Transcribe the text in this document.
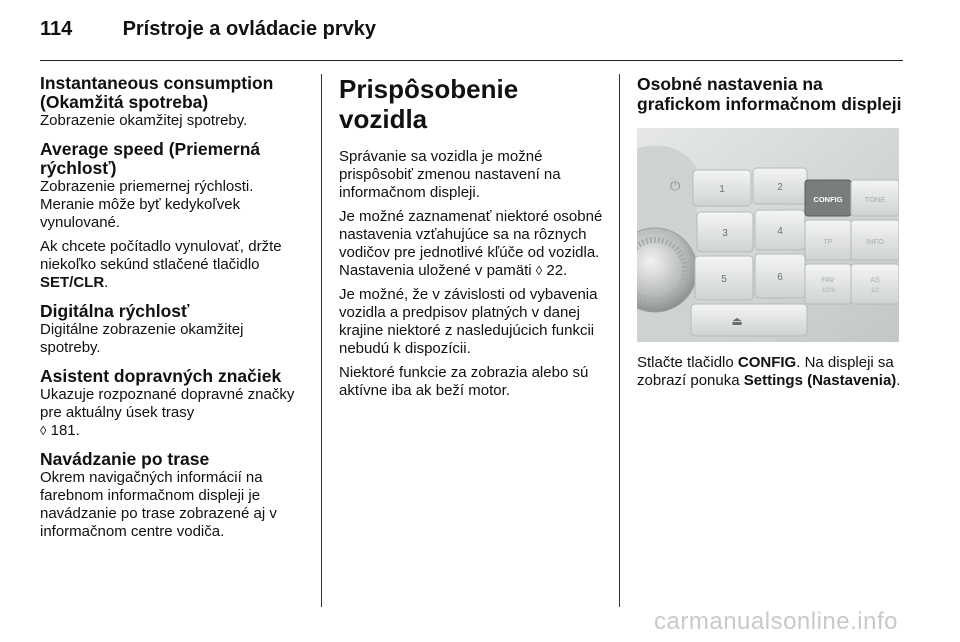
114	Prístroje a ovládacie prvky
Instantaneous consumption (Okamžitá spotreba)

Zobrazenie okamžitej spotreby.

Average speed (Priemerná rýchlosť)

Zobrazenie priemernej rýchlosti. Meranie môže byť kedykoľvek vynulované.

Ak chcete počítadlo vynulovať, držte niekoľko sekúnd stlačené tlačidlo SET/CLR.

Digitálna rýchlosť

Digitálne zobrazenie okamžitej spotreby.

Asistent dopravných značiek

Ukazuje rozpoznané dopravné značky pre aktuálny úsek trasy
◊ 181.

Navádzanie po trase

Okrem navigačných informácií na farebnom informačnom displeji je navádzanie po trase zobrazené aj v informačnom centre vodiča.

Prispôsobenie vozidla

Správanie sa vozidla je možné prispôsobiť zmenou nastavení na informačnom displeji.

Je možné zaznamenať niektoré osobné nastavenia vzťahujúce sa na rôznych vodičov pre jednotlivé kľúče od vozidla. Nastavenia uložené v pamäti ◊ 22.

Je možné, že v závislosti od vybavenia vozidla a predpisov platných v danej krajine niektoré z nasledujúcich funkcii nebudú k dispozícii.

Niektoré funkcie za zobrazia alebo sú aktívne iba ak beží motor.

Osobné nastavenia na grafickom informačnom displeji
⏻	1	2
3	4
5	6
⏏
CONFIG	TONE
TP	INFO
FAV
1/2/3
AS
1/2

Stlačte tlačidlo CONFIG. Na displeji sa zobrazí ponuka Settings (Nastavenia).

carmanualsonline.info
